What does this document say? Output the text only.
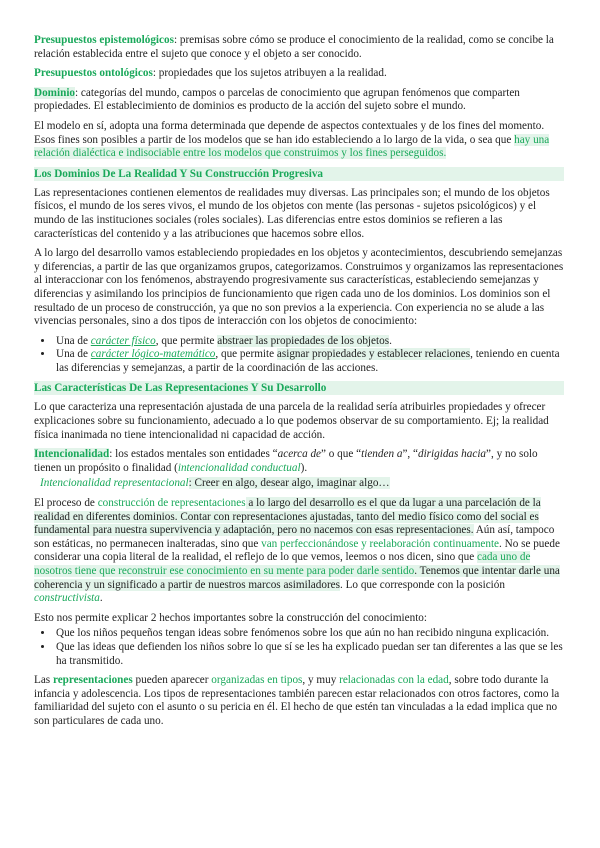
Presupuestos epistemológicos: premisas sobre cómo se produce el conocimiento de la realidad, como se concibe la relación establecida entre el sujeto que conoce y el objeto a ser conocido.

Presupuestos ontológicos: propiedades que los sujetos atribuyen a la realidad.

Dominio: categorías del mundo, campos o parcelas de conocimiento que agrupan fenómenos que comparten propiedades. El establecimiento de dominios es producto de la acción del sujeto sobre el mundo.

El modelo en sí, adopta una forma determinada que depende de aspectos contextuales y de los fines del momento. Esos fines son posibles a partir de los modelos que se han ido estableciendo a lo largo de la vida, o sea que hay una relación dialéctica e indisociable entre los modelos que construimos y los fines perseguidos.

Los Dominios De La Realidad Y Su Construcción Progresiva

Las representaciones contienen elementos de realidades muy diversas. Las principales son; el mundo de los objetos físicos, el mundo de los seres vivos, el mundo de los objetos con mente (las personas - sujetos psicológicos) y el mundo de las instituciones sociales (roles sociales). Las diferencias entre estos dominios se refieren a las características del contenido y a las atribuciones que hacemos sobre ellos.

A lo largo del desarrollo vamos estableciendo propiedades en los objetos y acontecimientos, descubriendo semejanzas y diferencias, a partir de las que organizamos grupos, categorizamos. Construimos y organizamos las representaciones al interaccionar con los fenómenos, abstrayendo progresivamente sus características, estableciendo semejanzas y diferencias y asimilando los principios de funcionamiento que rigen cada uno de los dominios. Los dominios son el resultado de un proceso de construcción, ya que no son previos a la experiencia. Con experiencia no se alude a las vivencias personales, sino a dos tipos de interacción con los objetos de conocimiento:

• Una de carácter físico, que permite abstraer las propiedades de los objetos.
• Una de carácter lógico-matemático, que permite asignar propiedades y establecer relaciones, teniendo en cuenta las diferencias y semejanzas, a partir de la coordinación de las acciones.
Las Características De Las Representaciones Y Su Desarrollo

Lo que caracteriza una representación ajustada de una parcela de la realidad sería atribuirles propiedades y ofrecer explicaciones sobre su funcionamiento, adecuado a lo que podemos observar de su comportamiento. Ej; la realidad física inanimada no tiene intencionalidad ni capacidad de acción.

Intencionalidad: los estados mentales son entidades “acerca de” o que “tienden a”, “dirigidas hacia”, y no solo tienen un propósito o finalidad (intencionalidad conductual).

Intencionalidad representacional: Creer en algo, desear algo, imaginar algo…

El proceso de construcción de representaciones a lo largo del desarrollo es el que da lugar a una parcelación de la realidad en diferentes dominios. Contar con representaciones ajustadas, tanto del medio físico como del social es fundamental para nuestra supervivencia y adaptación, pero no nacemos con esas representaciones. Aún así, tampoco son estáticas, no permanecen inalteradas, sino que van perfeccionándose y reelaboración continuamente. No se puede considerar una copia literal de la realidad, el reflejo de lo que vemos, leemos o nos dicen, sino que cada uno de nosotros tiene que reconstruir ese conocimiento en su mente para poder darle sentido. Tenemos que intentar darle una coherencia y un significado a partir de nuestros marcos asimiladores. Lo que corresponde con la posición constructivista.

Esto nos permite explicar 2 hechos importantes sobre la construcción del conocimiento:

• Que los niños pequeños tengan ideas sobre fenómenos sobre los que aún no han recibido ninguna explicación.
• Que las ideas que defienden los niños sobre lo que sí se les ha explicado puedan ser tan diferentes a las que se les ha transmitido.

Las representaciones pueden aparecer organizadas en tipos, y muy relacionadas con la edad, sobre todo durante la infancia y adolescencia. Los tipos de representaciones también parecen estar relacionados con otros factores, como la familiaridad del sujeto con el asunto o su pericia en él. El hecho de que estén tan vinculadas a la edad implica que no son particulares de cada uno.
